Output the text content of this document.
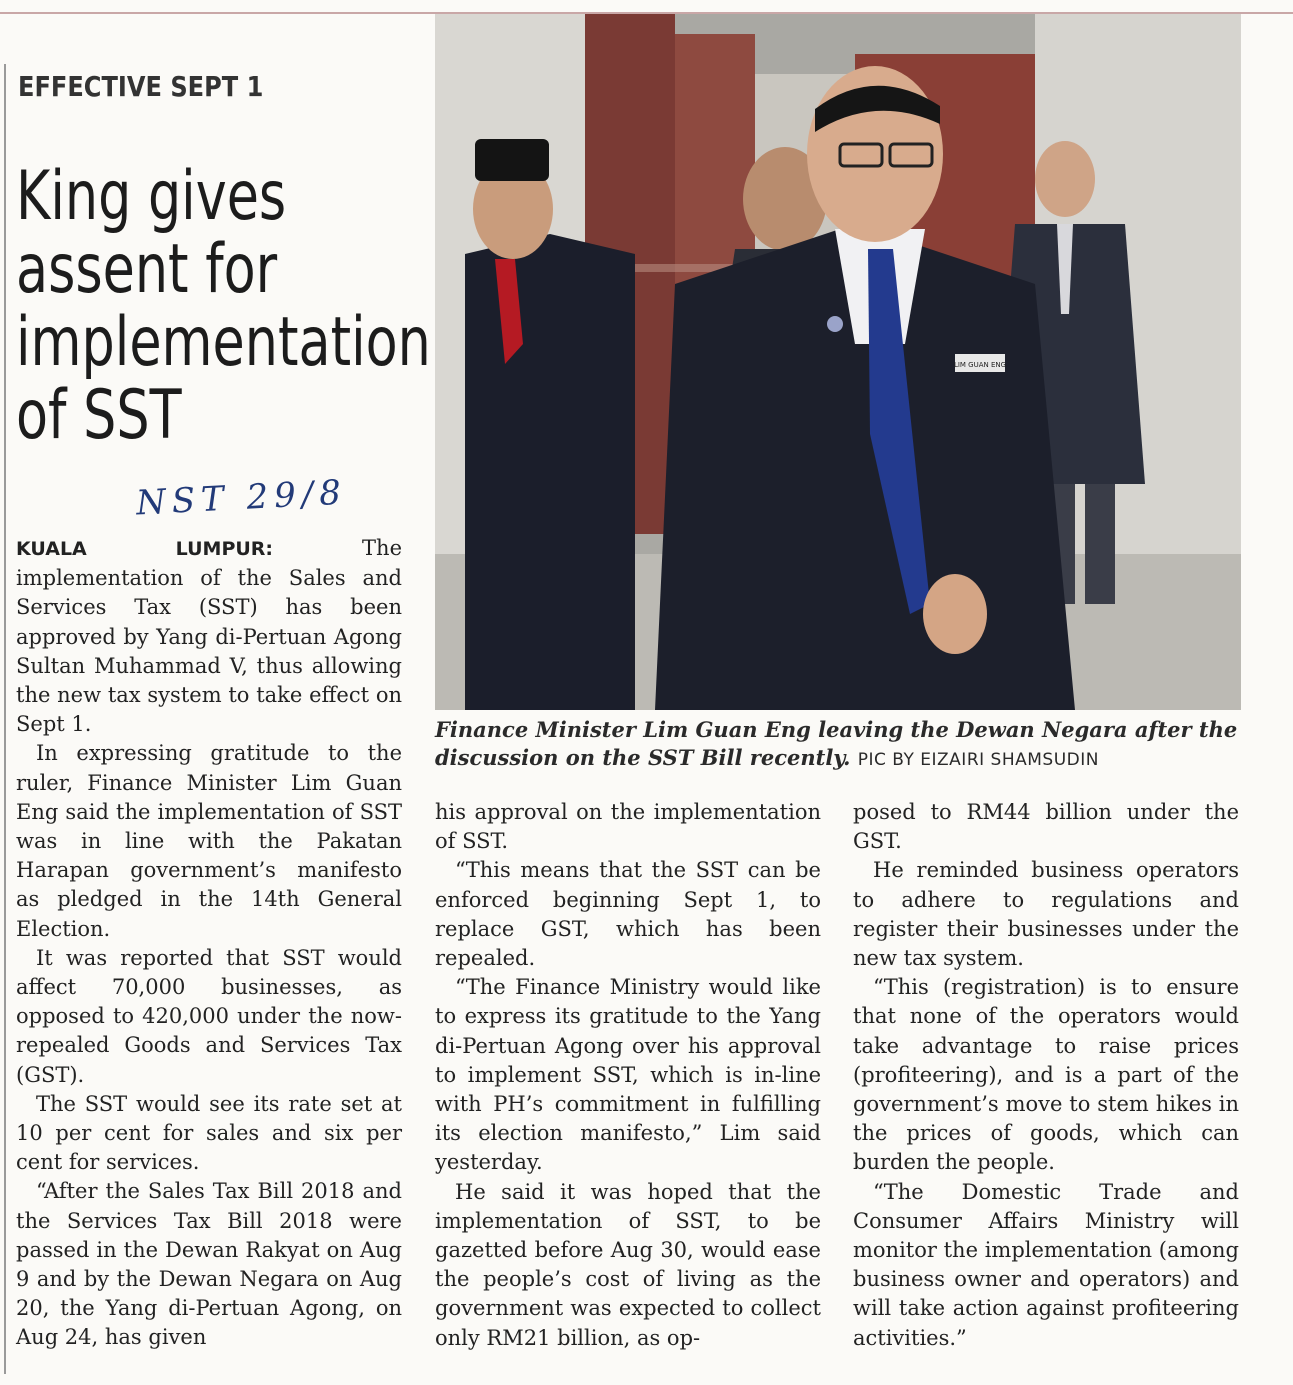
EFFECTIVE SEPT 1
King gives
assent for
implementation
of SST
NST 29/8
LIM GUAN ENG
Finance Minister Lim Guan Eng leaving the Dewan Negara after the discussion on the SST Bill recently. PIC BY EIZAIRI SHAMSUDIN

KUALA LUMPUR:	The implementation of the Sales and Services Tax (SST) has been approved by Yang di-Pertuan Agong Sultan Muhammad V, thus allowing the new tax system to take effect on Sept 1.

In expressing gratitude to the ruler, Finance Minister Lim Guan Eng said the implementation of SST was in line with the Pakatan Harapan government’s manifesto as pledged in the 14th General Election.

It was reported that SST would affect 70,000 businesses, as opposed to 420,000 under the now-repealed Goods and Services Tax (GST).

The SST would see its rate set at 10 per cent for sales and six per cent for services.

“After the Sales Tax Bill 2018 and the Services Tax Bill 2018 were passed in the Dewan Rakyat on Aug 9 and by the Dewan Negara on Aug 20, the Yang di-Pertuan Agong, on Aug 24, has given

his approval on the implementation of SST.

“This means that the SST can be enforced beginning Sept 1, to replace GST, which has been repealed.

“The Finance Ministry would like to express its gratitude to the Yang di-Pertuan Agong over his approval to implement SST, which is in-line with PH’s commitment in fulfilling its election manifesto,” Lim said yesterday.

He said it was hoped that the implementation of SST, to be gazetted before Aug 30, would ease the people’s cost of living as the government was expected to collect only RM21 billion, as op-

posed to RM44 billion under the GST.

He reminded business operators to adhere to regulations and register their businesses under the new tax system.

“This (registration) is to ensure that none of the operators would take advantage to raise prices (profiteering), and is a part of the government’s move to stem hikes in the prices of goods, which can burden the people.

“The Domestic Trade and Consumer Affairs Ministry will monitor the implementation (among business owner and operators) and will take action against profiteering activities.”
